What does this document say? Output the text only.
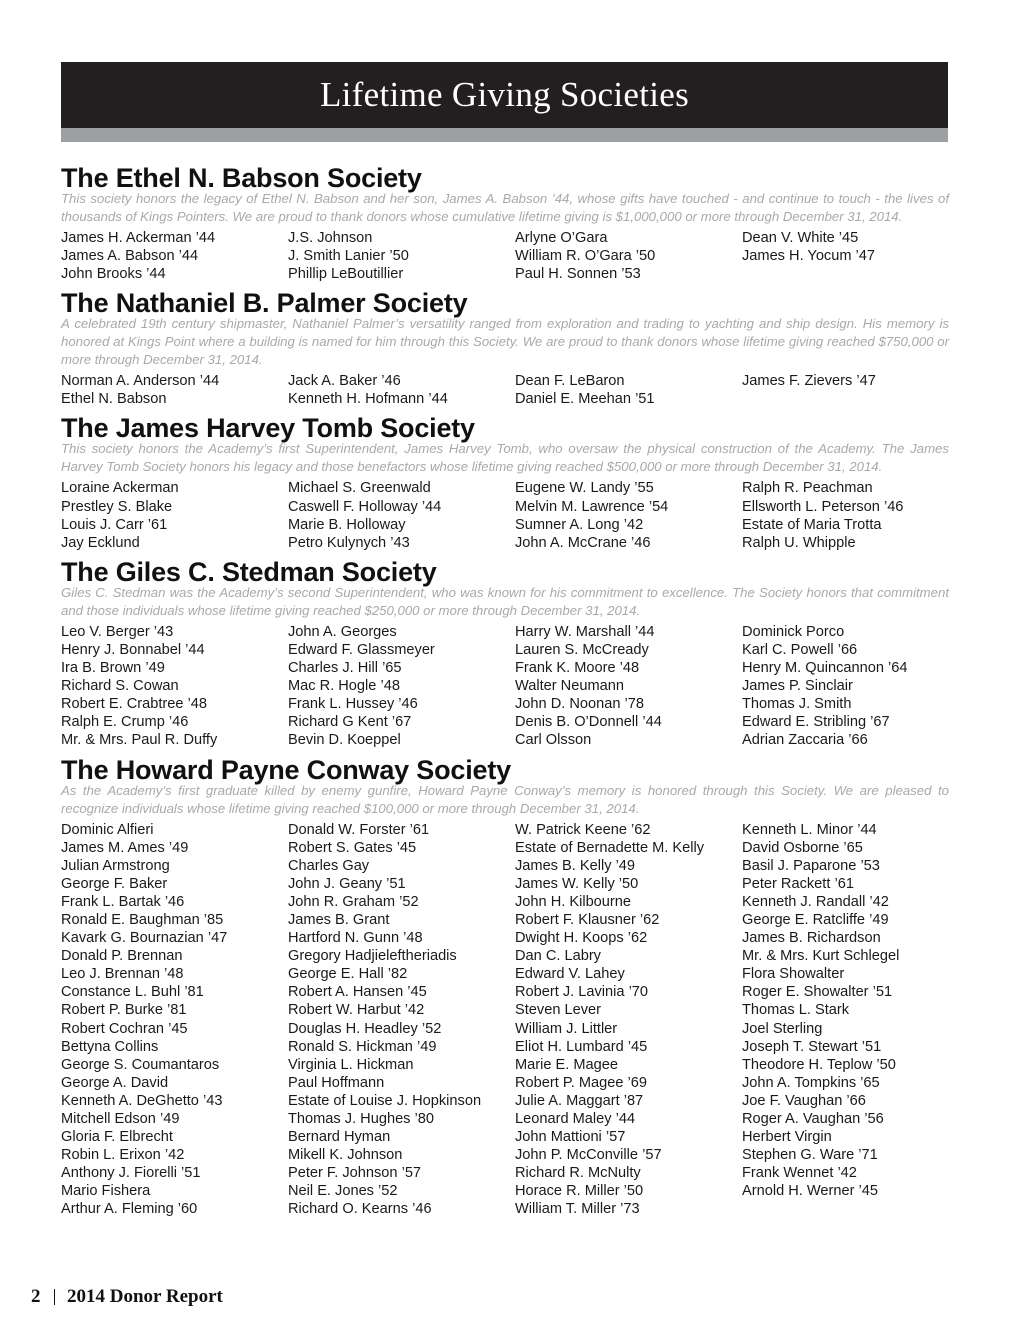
Lifetime Giving Societies
The Ethel N. Babson Society

This society honors the legacy of Ethel N. Babson and her son, James A. Babson ’44, whose gifts have touched - and continue to touch - the lives of thousands of Kings Pointers. We are proud to thank donors whose cumulative lifetime giving is $1,000,000 or more through December 31, 2014.

James H. Ackerman ’44
James A. Babson ’44
John Brooks ’44
J.S. Johnson
J. Smith Lanier ’50
Phillip LeBoutillier
Arlyne O’Gara
William R. O’Gara ’50
Paul H. Sonnen ’53
Dean V. White ’45
James H. Yocum ’47
The Nathaniel B. Palmer Society

A celebrated 19th century shipmaster, Nathaniel Palmer’s versatility ranged from exploration and trading to yachting and ship design. His memory is honored at Kings Point where a building is named for him through this Society. We are proud to thank donors whose lifetime giving reached $750,000 or more through December 31, 2014.

Norman A. Anderson ’44
Ethel N. Babson
Jack A. Baker ’46
Kenneth H. Hofmann ’44
Dean F. LeBaron
Daniel E. Meehan ’51
James F. Zievers ’47
The James Harvey Tomb Society

This society honors the Academy’s first Superintendent, James Harvey Tomb, who oversaw the physical construction of the Academy. The James Harvey Tomb Society honors his legacy and those benefactors whose lifetime giving reached $500,000 or more through December 31, 2014.

Loraine Ackerman
Prestley S. Blake
Louis J. Carr ’61
Jay Ecklund
Michael S. Greenwald
Caswell F. Holloway ’44
Marie B. Holloway
Petro Kulynych ’43
Eugene W. Landy ’55
Melvin M. Lawrence ’54
Sumner A. Long ’42
John A. McCrane ’46
Ralph R. Peachman
Ellsworth L. Peterson ’46
Estate of Maria Trotta
Ralph U. Whipple
The Giles C. Stedman Society

Giles C. Stedman was the Academy’s second Superintendent, who was known for his commitment to excellence. The Society honors that commitment and those individuals whose lifetime giving reached $250,000 or more through December 31, 2014.

Leo V. Berger ’43
Henry J. Bonnabel ’44
Ira B. Brown ’49
Richard S. Cowan
Robert E. Crabtree ’48
Ralph E. Crump ’46
Mr. & Mrs. Paul R. Duffy
John A. Georges
Edward F. Glassmeyer
Charles J. Hill ’65
Mac R. Hogle ’48
Frank L. Hussey ’46
Richard G Kent ’67
Bevin D. Koeppel
Harry W. Marshall ’44
Lauren S. McCready
Frank K. Moore ’48
Walter Neumann
John D. Noonan ’78
Denis B. O’Donnell ’44
Carl Olsson
Dominick Porco
Karl C. Powell ’66
Henry M. Quincannon ’64
James P. Sinclair
Thomas J. Smith
Edward E. Stribling ’67
Adrian Zaccaria ’66
The Howard Payne Conway Society

As the Academy’s first graduate killed by enemy gunfire, Howard Payne Conway’s memory is honored through this Society. We are pleased to recognize individuals whose lifetime giving reached $100,000 or more through December 31, 2014.

Dominic Alfieri
James M. Ames ’49
Julian Armstrong
George F. Baker
Frank L. Bartak ’46
Ronald E. Baughman ’85
Kavark G. Bournazian ’47
Donald P. Brennan
Leo J. Brennan ’48
Constance L. Buhl ’81
Robert P. Burke ’81
Robert Cochran ’45
Bettyna Collins
George S. Coumantaros
George A. David
Kenneth A. DeGhetto ’43
Mitchell Edson ’49
Gloria F. Elbrecht
Robin L. Erixon ’42
Anthony J. Fiorelli ’51
Mario Fishera
Arthur A. Fleming ’60
Donald W. Forster ’61
Robert S. Gates ’45
Charles Gay
John J. Geany ’51
John R. Graham ’52
James B. Grant
Hartford N. Gunn ’48
Gregory Hadjieleftheriadis
George E. Hall ’82
Robert A. Hansen ’45
Robert W. Harbut ’42
Douglas H. Headley ’52
Ronald S. Hickman ’49
Virginia L. Hickman
Paul Hoffmann
Estate of Louise J. Hopkinson
Thomas J. Hughes ’80
Bernard Hyman
Mikell K. Johnson
Peter F. Johnson ’57
Neil E. Jones ’52
Richard O. Kearns ’46
W. Patrick Keene ’62
Estate of Bernadette M. Kelly
James B. Kelly ’49
James W. Kelly ’50
John H. Kilbourne
Robert F. Klausner ’62
Dwight H. Koops ’62
Dan C. Labry
Edward V. Lahey
Robert J. Lavinia ’70
Steven Lever
William J. Littler
Eliot H. Lumbard ’45
Marie E. Magee
Robert P. Magee ’69
Julie A. Maggart ’87
Leonard Maley ’44
John Mattioni ’57
John P. McConville ’57
Richard R. McNulty
Horace R. Miller ’50
William T. Miller ’73
Kenneth L. Minor ’44
David Osborne ’65
Basil J. Paparone ’53
Peter Rackett ’61
Kenneth J. Randall ’42
George E. Ratcliffe ’49
James B. Richardson
Mr. & Mrs. Kurt Schlegel
Flora Showalter
Roger E. Showalter ’51
Thomas L. Stark
Joel Sterling
Joseph T. Stewart ’51
Theodore H. Teplow ’50
John A. Tompkins ’65
Joe F. Vaughan ’66
Roger A. Vaughan ’56
Herbert Virgin
Stephen G. Ware ’71
Frank Wennet ’42
Arnold H. Werner ’45
2 2014 Donor Report
